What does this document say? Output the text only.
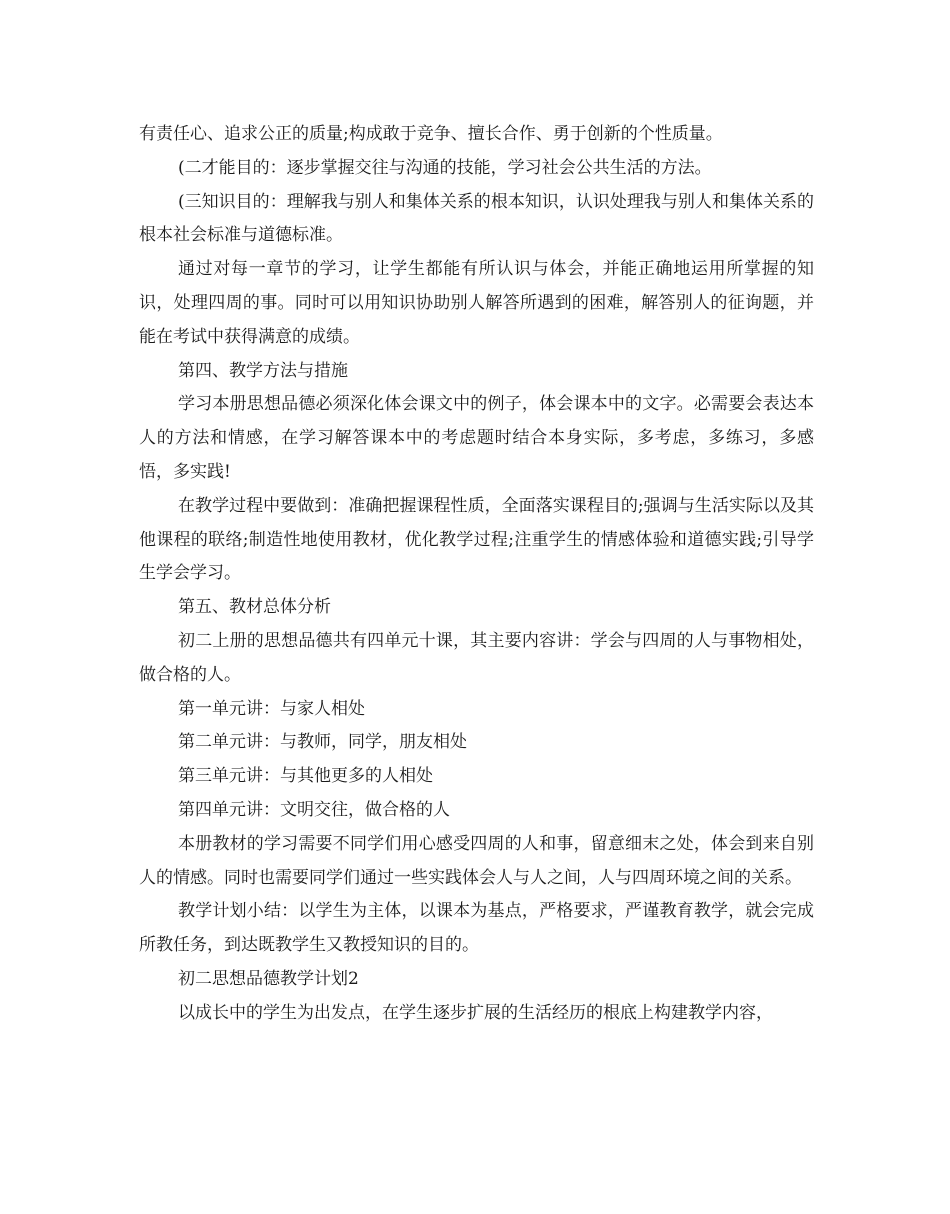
有责任心、追求公正的质量;构成敢于竞争、擅长合作、勇于创新的个性质量。

(二才能目的：逐步掌握交往与沟通的技能，学习社会公共生活的方法。

(三知识目的：理解我与别人和集体关系的根本知识，认识处理我与别人和集体关系的根本社会标准与道德标准。

通过对每一章节的学习，让学生都能有所认识与体会，并能正确地运用所掌握的知识，处理四周的事。同时可以用知识协助别人解答所遇到的困难，解答别人的征询题，并能在考试中获得满意的成绩。

第四、教学方法与措施

学习本册思想品德必须深化体会课文中的例子，体会课本中的文字。必需要会表达本人的方法和情感，在学习解答课本中的考虑题时结合本身实际，多考虑，多练习，多感悟，多实践!

在教学过程中要做到：准确把握课程性质，全面落实课程目的;强调与生活实际以及其他课程的联络;制造性地使用教材，优化教学过程;注重学生的情感体验和道德实践;引导学生学会学习。

第五、教材总体分析

初二上册的思想品德共有四单元十课，其主要内容讲：学会与四周的人与事物相处，做合格的人。

第一单元讲：与家人相处

第二单元讲：与教师，同学，朋友相处

第三单元讲：与其他更多的人相处

第四单元讲：文明交往，做合格的人

本册教材的学习需要不同学们用心感受四周的人和事，留意细末之处，体会到来自别人的情感。同时也需要同学们通过一些实践体会人与人之间，人与四周环境之间的关系。

教学计划小结：以学生为主体，以课本为基点，严格要求，严谨教育教学，就会完成所教任务，到达既教学生又教授知识的目的。

初二思想品德教学计划2

以成长中的学生为出发点，在学生逐步扩展的生活经历的根底上构建教学内容，
